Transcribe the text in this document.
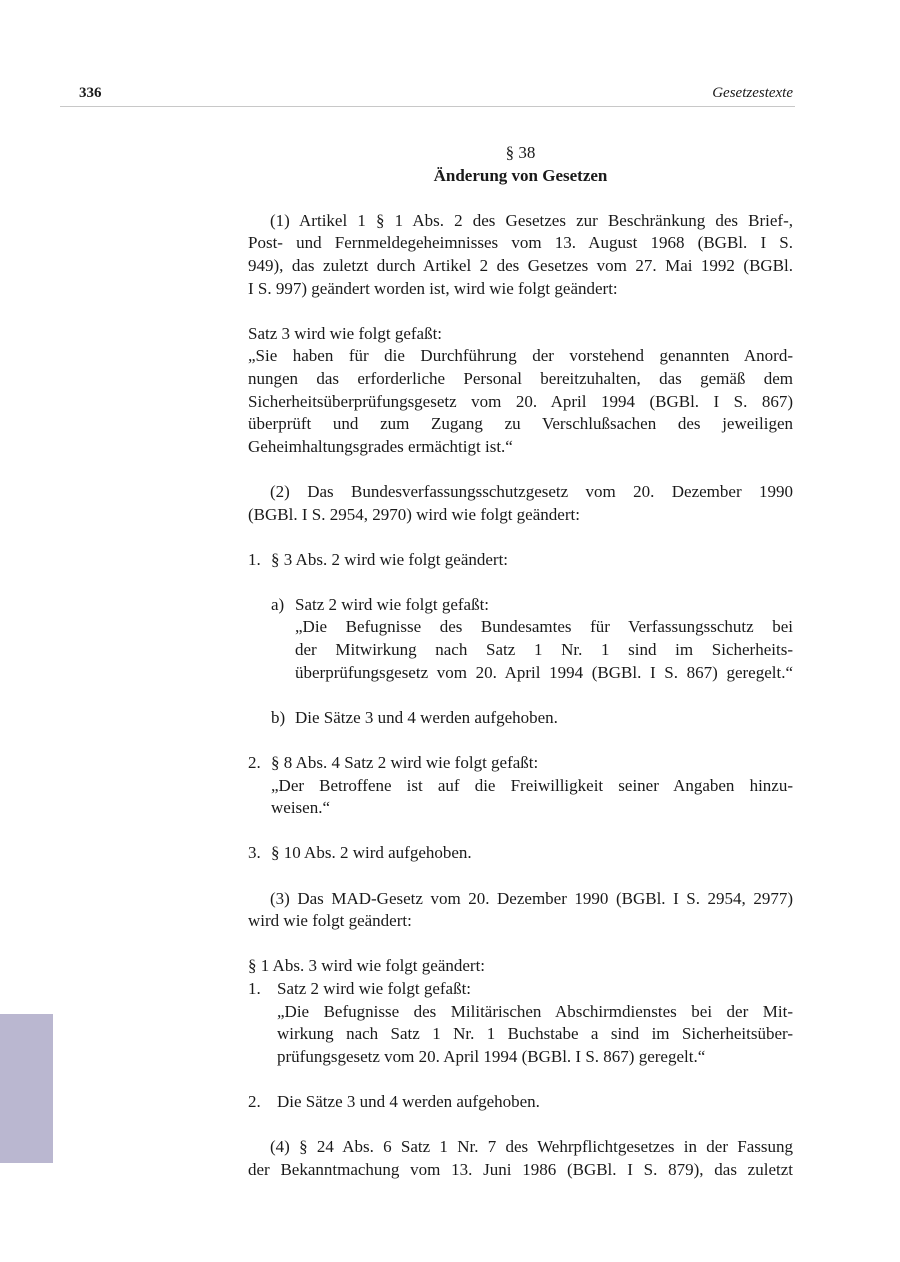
336	Gesetzestexte
§ 38
Änderung von Gesetzen
(1) Artikel 1 § 1 Abs. 2 des Gesetzes zur Beschränkung des Brief-,
Post- und Fernmeldegeheimnisses vom 13. August 1968 (BGBl. I S.
949), das zuletzt durch Artikel 2 des Gesetzes vom 27. Mai 1992 (BGBl.
I S. 997) geändert worden ist, wird wie folgt geändert:
Satz 3 wird wie folgt gefaßt:
„Sie haben für die Durchführung der vorstehend genannten Anord-
nungen das erforderliche Personal bereitzuhalten, das gemäß dem
Sicherheitsüberprüfungsgesetz vom 20. April 1994 (BGBl. I S. 867)
überprüft und zum Zugang zu Verschlußsachen des jeweiligen
Geheimhaltungsgrades ermächtigt ist.“
(2) Das Bundesverfassungsschutzgesetz vom 20. Dezember 1990
(BGBl. I S. 2954, 2970) wird wie folgt geändert:
1. § 3 Abs. 2 wird wie folgt geändert:
a) Satz 2 wird wie folgt gefaßt:
„Die Befugnisse des Bundesamtes für Verfassungsschutz bei
der Mitwirkung nach Satz 1 Nr. 1 sind im Sicherheits-
überprüfungsgesetz vom 20. April 1994 (BGBl. I S. 867) geregelt.“
b) Die Sätze 3 und 4 werden aufgehoben.
2. § 8 Abs. 4 Satz 2 wird wie folgt gefaßt:
„Der Betroffene ist auf die Freiwilligkeit seiner Angaben hinzu-
weisen.“
3. § 10 Abs. 2 wird aufgehoben.
(3) Das MAD-Gesetz vom 20. Dezember 1990 (BGBl. I S. 2954, 2977)
wird wie folgt geändert:
§ 1 Abs. 3 wird wie folgt geändert:
1. Satz 2 wird wie folgt gefaßt:
„Die Befugnisse des Militärischen Abschirmdienstes bei der Mit-
wirkung nach Satz 1 Nr. 1 Buchstabe a sind im Sicherheitsüber-
prüfungsgesetz vom 20. April 1994 (BGBl. I S. 867) geregelt.“
2. Die Sätze 3 und 4 werden aufgehoben.
(4) § 24 Abs. 6 Satz 1 Nr. 7 des Wehrpflichtgesetzes in der Fassung
der Bekanntmachung vom 13. Juni 1986 (BGBl. I S. 879), das zuletzt
